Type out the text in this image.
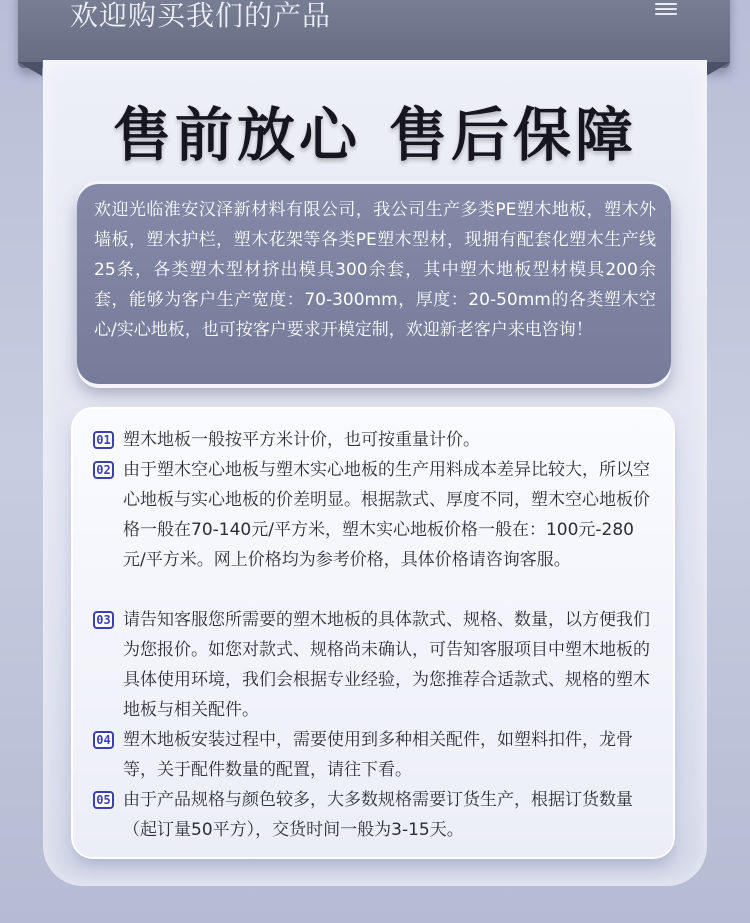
欢迎购买我们的产品
售前放心 售后保障
欢迎光临淮安汉泽新材料有限公司，我公司生产多类PE塑木地板，塑木外墙板，塑木护栏，塑木花架等各类PE塑木型材，现拥有配套化塑木生产线25条，各类塑木型材挤出模具300余套，其中塑木地板型材模具200余套，能够为客户生产宽度：70-300mm，厚度：20-50mm的各类塑木空心/实心地板，也可按客户要求开模定制，欢迎新老客户来电咨询！
01 塑木地板一般按平方米计价，也可按重量计价。
02 由于塑木空心地板与塑木实心地板的生产用料成本差异比较大，所以空心地板与实心地板的价差明显。根据款式、厚度不同，塑木空心地板价格一般在70-140元/平方米，塑木实心地板价格一般在：100元-280元/平方米。网上价格均为参考价格，具体价格请咨询客服。
03 请告知客服您所需要的塑木地板的具体款式、规格、数量，以方便我们为您报价。如您对款式、规格尚未确认，可告知客服项目中塑木地板的具体使用环境，我们会根据专业经验，为您推荐合适款式、规格的塑木地板与相关配件。
04 塑木地板安装过程中，需要使用到多种相关配件，如塑料扣件，龙骨等，关于配件数量的配置，请往下看。
05 由于产品规格与颜色较多，大多数规格需要订货生产，根据订货数量（起订量50平方），交货时间一般为3-15天。
